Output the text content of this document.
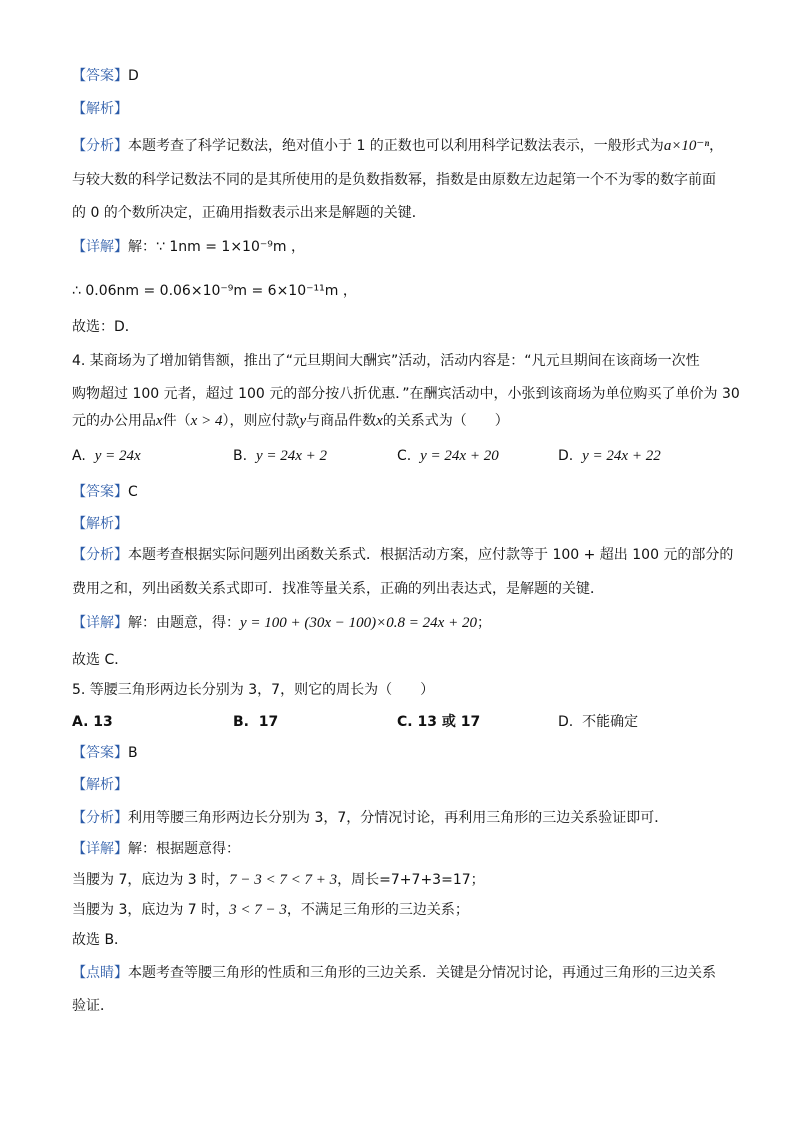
【答案】D
【解析】
【分析】本题考查了科学记数法，绝对值小于 1 的正数也可以利用科学记数法表示，一般形式为a×10⁻ⁿ，
与较大数的科学记数法不同的是其所使用的是负数指数幂，指数是由原数左边起第一个不为零的数字前面
的 0 的个数所决定，正确用指数表示出来是解题的关键．
【详解】解：∵ 1nm = 1×10⁻⁹m ，
∴ 0.06nm = 0.06×10⁻⁹m = 6×10⁻¹¹m ，
故选：D．
4. 某商场为了增加销售额，推出了“元旦期间大酬宾”活动，活动内容是：“凡元旦期间在该商场一次性
购物超过 100 元者，超过 100 元的部分按八折优惠．”在酬宾活动中，小张到该商场为单位购买了单价为 30
元的办公用品x件（x > 4），则应付款y与商品件数x的关系式为（　　）
A. y = 24x	B. y = 24x + 2	C. y = 24x + 20	D. y = 24x + 22
【答案】C
【解析】
【分析】本题考查根据实际问题列出函数关系式．根据活动方案，应付款等于 100 + 超出 100 元的部分的
费用之和，列出函数关系式即可．找准等量关系，正确的列出表达式，是解题的关键．
【详解】解：由题意，得：y = 100 + (30x − 100)×0.8 = 24x + 20；
故选 C．
5. 等腰三角形两边长分别为 3，7，则它的周长为（　　）
A. 13	B. 17	C. 13 或 17	D. 不能确定
【答案】B
【解析】
【分析】利用等腰三角形两边长分别为 3，7，分情况讨论，再利用三角形的三边关系验证即可．
【详解】解：根据题意得：
当腰为 7，底边为 3 时，7 − 3 < 7 < 7 + 3，周长=7+7+3=17；
当腰为 3，底边为 7 时，3 < 7 − 3，不满足三角形的三边关系；
故选 B．
【点睛】本题考查等腰三角形的性质和三角形的三边关系．关键是分情况讨论，再通过三角形的三边关系
验证．
